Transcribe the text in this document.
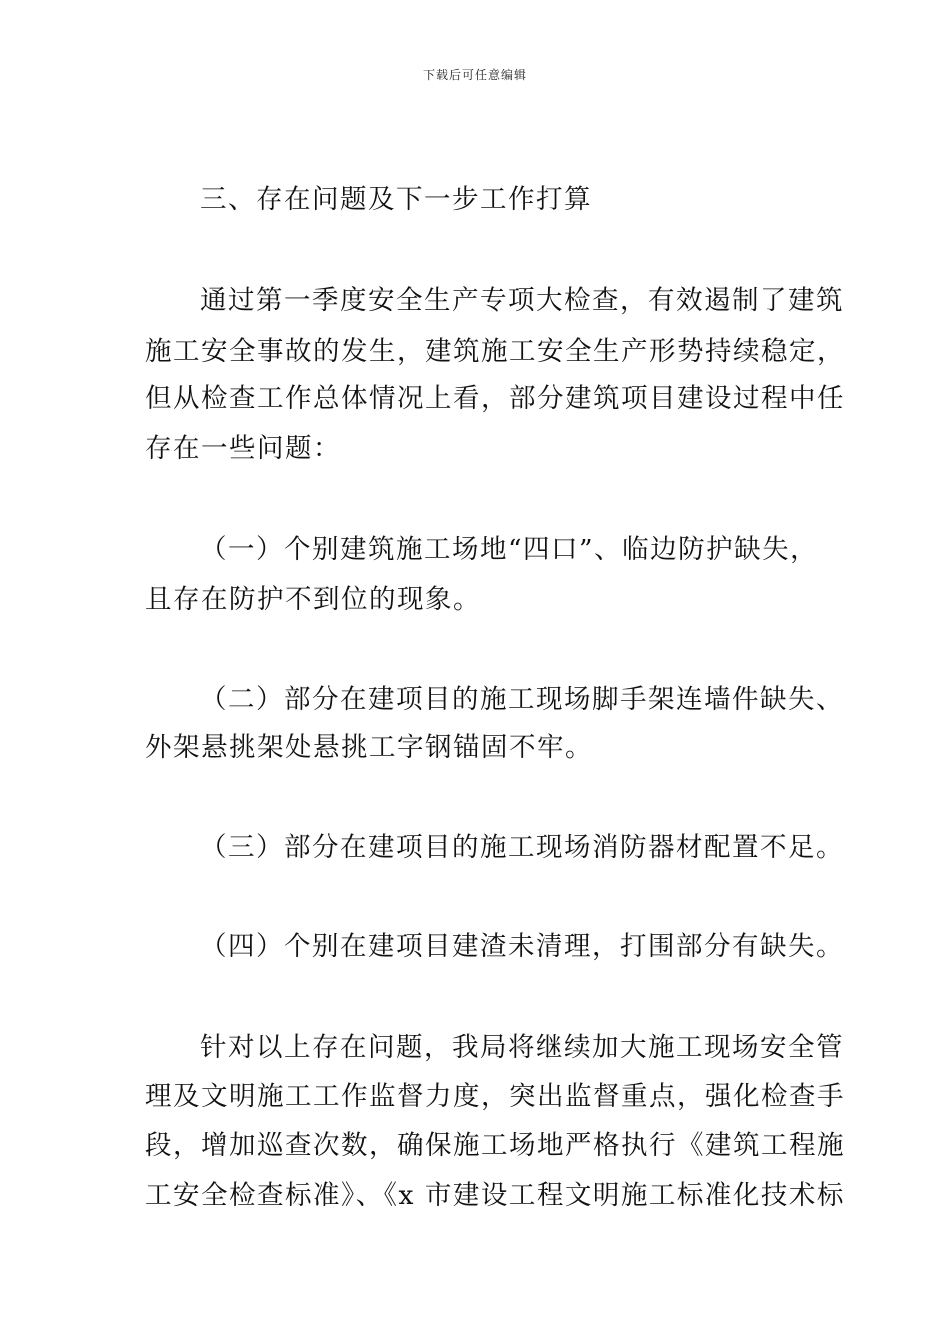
下载后可任意编辑
三、存在问题及下一步工作打算
通过第一季度安全生产专项大检查，有效遏制了建筑
施工安全事故的发生，建筑施工安全生产形势持续稳定，
但从检查工作总体情况上看，部分建筑项目建设过程中任
存在一些问题：
（一）个别建筑施工场地“四口”、临边防护缺失，
且存在防护不到位的现象。
（二）部分在建项目的施工现场脚手架连墙件缺失、
外架悬挑架处悬挑工字钢锚固不牢。
（三）部分在建项目的施工现场消防器材配置不足。
（四）个别在建项目建渣未清理，打围部分有缺失。
针对以上存在问题，我局将继续加大施工现场安全管
理及文明施工工作监督力度，突出监督重点，强化检查手
段，增加巡查次数，确保施工场地严格执行《建筑工程施
工安全检查标准》、《x 市建设工程文明施工标准化技术标
